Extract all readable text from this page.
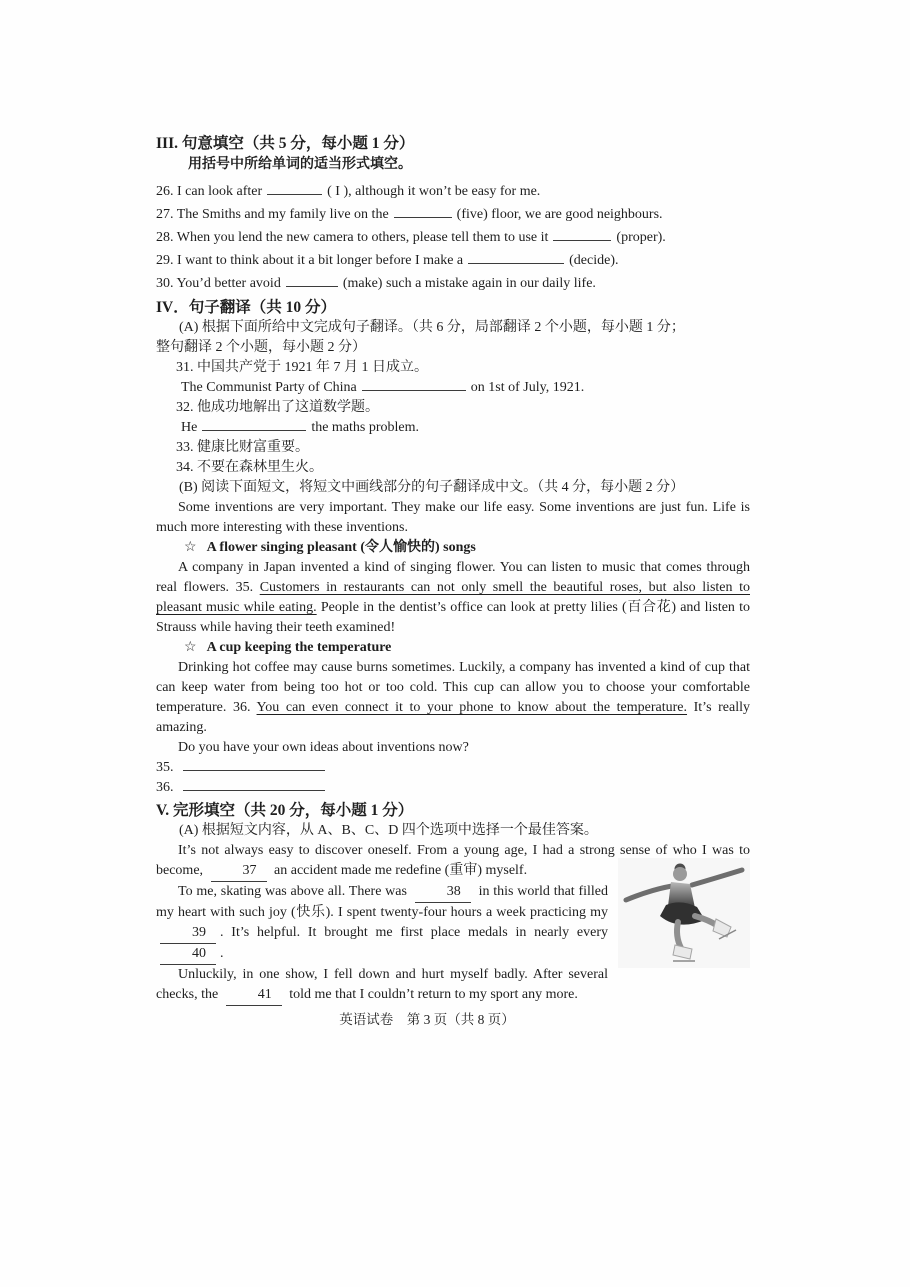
III. 句意填空（共 5 分，每小题 1 分）
用括号中所给单词的适当形式填空。
26. I can look after	( I ), although it won’t be easy for me.
27. The Smiths and my family live on the	(five) floor, we are good neighbours.
28. When you lend the new camera to others, please tell them to use it	(proper).
29. I want to think about it a bit longer before I make a	(decide).
30. You’d better avoid	(make) such a mistake again in our daily life.
IV．句子翻译（共 10 分）
(A) 根据下面所给中文完成句子翻译。（共 6 分，局部翻译 2 个小题，每小题 1 分；
整句翻译 2 个小题，每小题 2 分）
31. 中国共产党于 1921 年 7 月 1 日成立。
The Communist Party of China	on 1st of July, 1921.
32. 他成功地解出了这道数学题。
He	the maths problem.
33. 健康比财富重要。
34. 不要在森林里生火。
(B) 阅读下面短文，将短文中画线部分的句子翻译成中文。（共 4 分，每小题 2 分）

Some inventions are very important. They make our life easy. Some inventions are just fun. Life is much more interesting with these inventions.

☆ A flower singing pleasant (令人愉快的) songs

A company in Japan invented a kind of singing flower. You can listen to music that comes through real flowers. 35. Customers in restaurants can not only smell the beautiful roses, but also listen to pleasant music while eating. People in the dentist’s office can look at pretty lilies (百合花) and listen to Strauss while having their teeth examined!

☆ A cup keeping the temperature

Drinking hot coffee may cause burns sometimes. Luckily, a company has invented a kind of cup that can keep water from being too hot or too cold. This cup can allow you to choose your comfortable temperature. 36. You can even connect it to your phone to know about the temperature. It’s really amazing.

Do you have your own ideas about inventions now?

35.
36.
V. 完形填空（共 20 分，每小题 1 分）
(A) 根据短文内容，从 A、B、C、D 四个选项中选择一个最佳答案。

It’s not always easy to discover oneself. From a young age, I had a strong sense of who I was to become,	37 an accident made me redefine (重审) myself.

To me, skating was above all. There was	38 in this world that filled my heart with such joy (快乐). I spent twenty-four hours a week practicing my 39 . It’s helpful. It brought me first place medals in nearly every 40 .

Unluckily, in one show, I fell down and hurt myself badly. After several checks, the	41 told me that I couldn’t return to my sport any more.

英语试卷　第 3 页（共 8 页）
